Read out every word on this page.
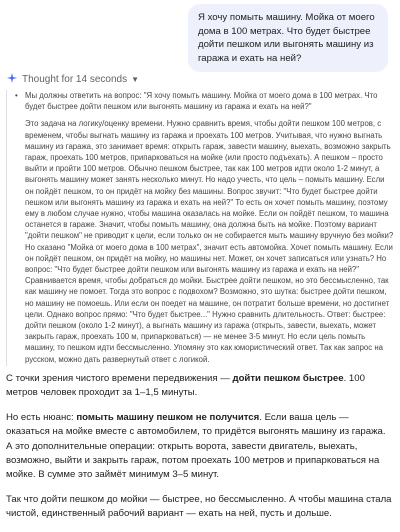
Я хочу помыть машину. Мойка от моего дома в 100 метрах. Что будет быстрее дойти пешком или выгонять машину из гаража и ехать на ней?
Thought for 14 seconds ▼
• Мы должны ответить на вопрос: "Я хочу помыть машину. Мойка от моего дома в 100 метрах. Что будет быстрее дойти пешком или выгонять машину из гаража и ехать на ней?"

Это задача на логику/оценку времени. Нужно сравнить время, чтобы дойти пешком 100 метров, с временем, чтобы выгнать машину из гаража и проехать 100 метров. Учитывая, что нужно выгнать машину из гаража, это занимает время: открыть гараж, завести машину, выехать, возможно закрыть гараж, проехать 100 метров, припарковаться на мойке (или просто подъехать). А пешком – просто выйти и пройти 100 метров. Обычно пешком быстрее, так как 100 метров идти около 1-2 минут, а выгонять машину может занять несколько минут. Но надо учесть, что цель – помыть машину. Если он пойдёт пешком, то он придёт на мойку без машины. Вопрос звучит: "Что будет быстрее дойти пешком или выгонять машину из гаража и ехать на ней?" То есть он хочет помыть машину, поэтому ему в любом случае нужно, чтобы машина оказалась на мойке. Если он пойдёт пешком, то машина останется в гараже. Значит, чтобы помыть машину, она должна быть на мойке. Поэтому вариант "дойти пешком" не приводит к цели, если только он не собирается мыть машину вручную без мойки? Но сказано "Мойка от моего дома в 100 метрах", значит есть автомойка. Хочет помыть машину. Если он пойдёт пешком, он придёт на мойку, но машины нет. Может, он хочет записаться или узнать? Но вопрос: "Что будет быстрее дойти пешком или выгонять машину из гаража и ехать на ней?" Сравнивается время, чтобы добраться до мойки. Быстрее дойти пешком, но это бессмысленно, так как машину не помоет. Тогда это вопрос с подвохом? Возможно, это шутка: быстрее дойти пешком, но машину не помоешь. Или если он поедет на машине, он потратит больше времени, но достигнет цели. Однако вопрос прямо: "Что будет быстрее..." Нужно сравнить длительность. Ответ: быстрее: дойти пешком (около 1-2 минут), а выгнать машину из гаража (открыть, завести, выехать, может закрыть гараж, проехать 100 м, припарковаться) — не менее 3-5 минут. Но если цель помыть машину, то пешком идти бессмысленно. Упомяну это как юмористический ответ. Так как запрос на русском, можно дать развернутый ответ с логикой.

С точки зрения чистого времени передвижения — дойти пешком быстрее. 100 метров человек проходит за 1–1,5 минуты.

Но есть нюанс: помыть машину пешком не получится. Если ваша цель — оказаться на мойке вместе с автомобилем, то придётся выгонять машину из гаража. А это дополнительные операции: открыть ворота, завести двигатель, выехать, возможно, выйти и закрыть гараж, потом проехать 100 метров и припарковаться на мойке. В сумме это займёт минимум 3–5 минут.

Так что дойти пешком до мойки — быстрее, но бессмысленно. А чтобы машина стала чистой, единственный рабочий вариант — ехать на ней, пусть и дольше.
